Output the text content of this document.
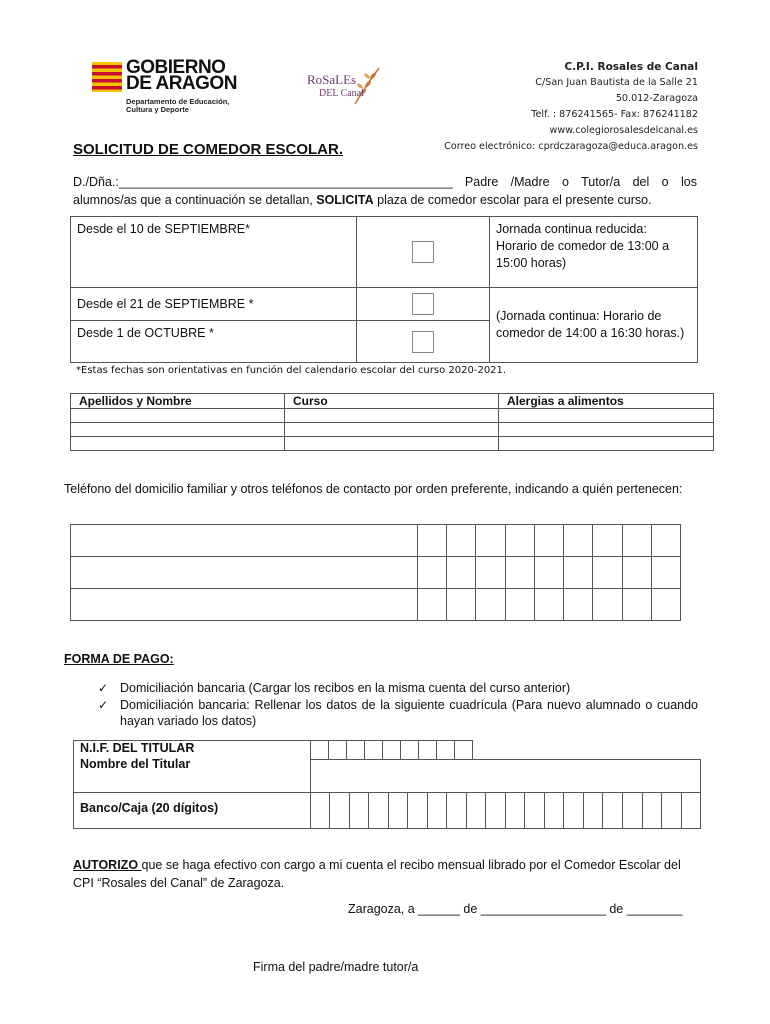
GOBIERNO
DE ARAGON
Departamento de Educación,
Cultura y Deporte
RoSaLEs
DEL Canal
C.P.I. Rosales de Canal
C/San Juan Bautista de la Salle 21
50.012-Zaragoza
Telf. : 876241565- Fax: 876241182
www.colegiorosalesdelcanal.es
Correo electrónico: cprdczaragoza@educa.aragon.es
SOLICITUD DE COMEDOR ESCOLAR.
D./Dña.:________________________________________________ Padre /Madre o Tutor/a del o los alumnos/as que a continuación se detallan, SOLICITA plaza de comedor escolar para el presente curso.
Desde el 10 de SEPTIEMBRE*		Jornada continua reducida: Horario de comedor de 13:00 a 15:00 horas)
Desde el 21 de SEPTIEMBRE *		(Jornada continua: Horario de comedor de 14:00 a 16:30 horas.)
Desde 1 de OCTUBRE *		
*Estas fechas son orientativas en función del calendario escolar del curso 2020-2021.
Apellidos y Nombre	Curso	Alergias a alimentos

Teléfono del domicilio familiar y otros teléfonos de contacto por orden preferente, indicando a quién pertenecen:

FORMA DE PAGO:
✓ Domiciliación bancaria (Cargar los recibos en la misma cuenta del curso anterior)
✓ Domiciliación bancaria: Rellenar los datos de la siguiente cuadrícula (Para nuevo alumnado o cuando hayan variado los datos)
N.I.F. DEL TITULAR
Nombre del Titular

Banco/Caja (20 dígitos)	

AUTORIZO que se haga efectivo con cargo a mi cuenta el recibo mensual librado por el Comedor Escolar del CPI “Rosales del Canal” de Zaragoza.
Zaragoza, a ______ de __________________ de ________
Firma del padre/madre tutor/a
